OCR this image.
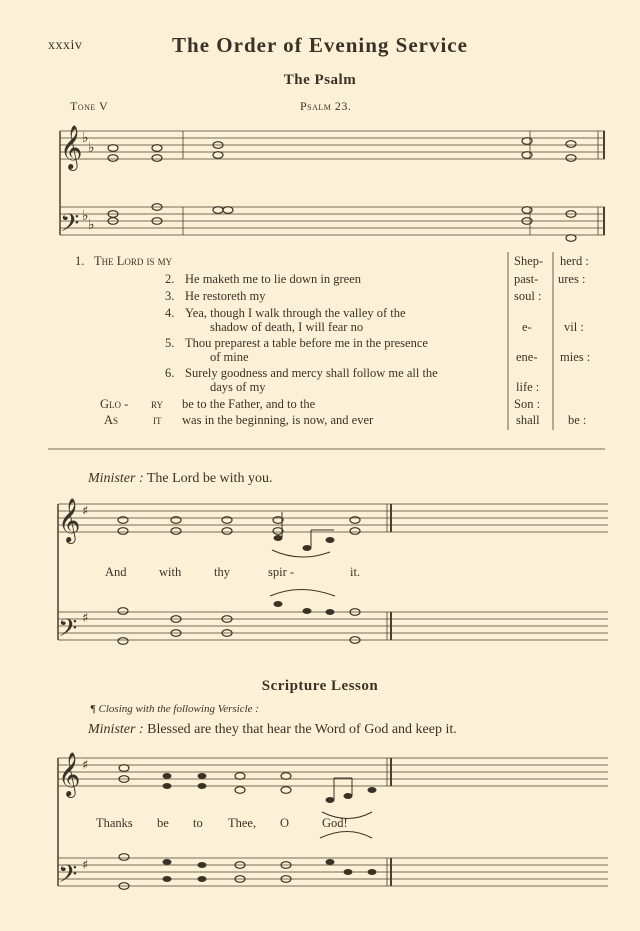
xxxiv	The Order of Evening Service
The Psalm
Tone V	Psalm 23.
𝄞
𝄢
𝄞
𝄢
𝄞
𝄢
♭
♭
♭
♭
♯
♯
♯
♯
1. The Lord is my	Shep- herd :
2. He maketh me to lie down in green	past- ures :
3. He restoreth my	soul :
4. Yea, though I walk through the valley of the
shadow of death, I will fear no	e-	vil :
5. Thou preparest a table before me in the presence
of mine	ene- mies :
6. Surely goodness and mercy shall follow me all the
days of my	life :
Glo - ry be to the Father, and to the	Son :
As	it was in the beginning, is now, and ever	shall be :
Minister : The Lord be with you.
And	with	thy	spir -	it.
Scripture Lesson
¶ Closing with the following Versicle :
Minister : Blessed are they that hear the Word of God and keep it.
Thanks be to Thee, O	God!
